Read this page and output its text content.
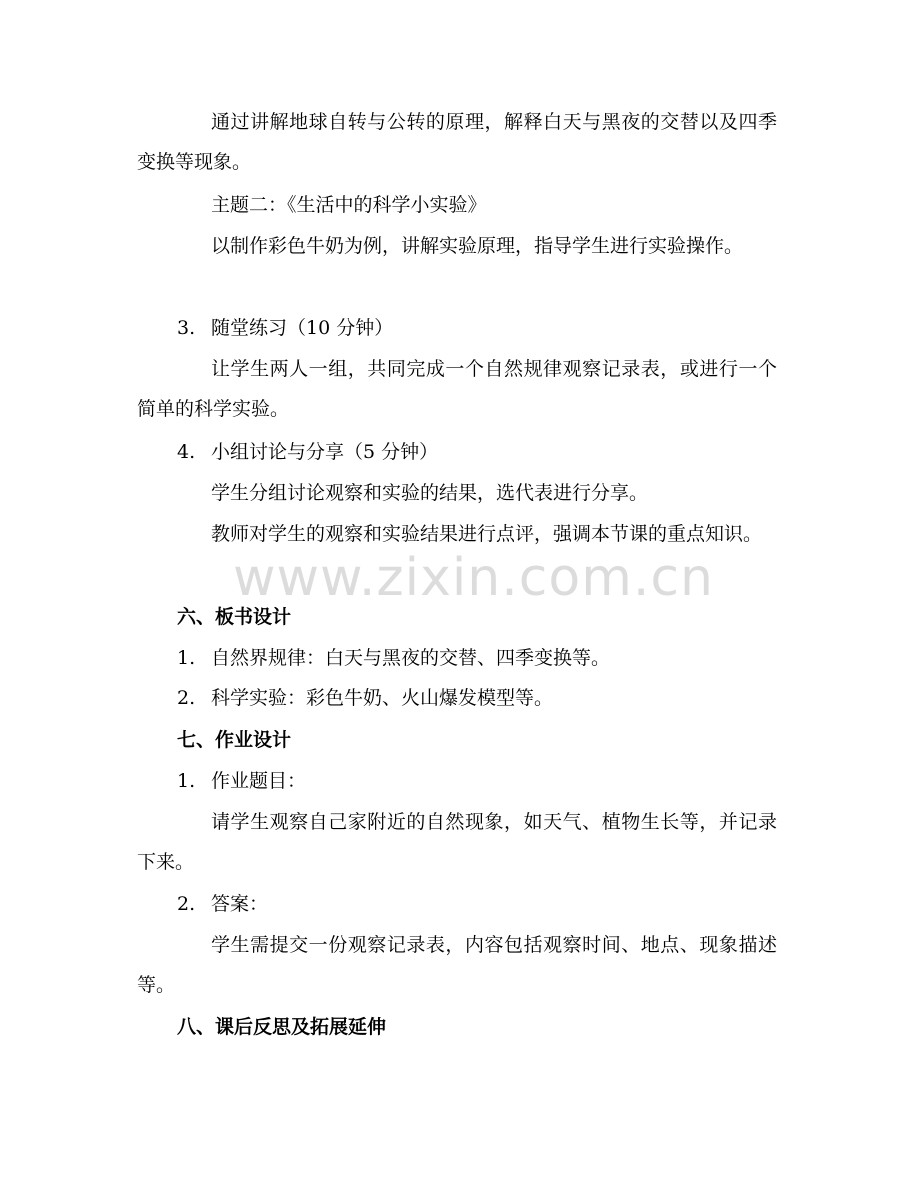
通过讲解地球自转与公转的原理，解释白天与黑夜的交替以及四季变换等现象。
主题二：《生活中的科学小实验》
以制作彩色牛奶为例，讲解实验原理，指导学生进行实验操作。
3. 随堂练习（10 分钟）
让学生两人一组，共同完成一个自然规律观察记录表，或进行一个简单的科学实验。
4. 小组讨论与分享（5 分钟）
学生分组讨论观察和实验的结果，选代表进行分享。
教师对学生的观察和实验结果进行点评，强调本节课的重点知识。
六、板书设计
1. 自然界规律：白天与黑夜的交替、四季变换等。
2. 科学实验：彩色牛奶、火山爆发模型等。
七、作业设计
1. 作业题目：
请学生观察自己家附近的自然现象，如天气、植物生长等，并记录下来。
2. 答案：
学生需提交一份观察记录表，内容包括观察时间、地点、现象描述等。
八、课后反思及拓展延伸
www.zixin.com.cn
